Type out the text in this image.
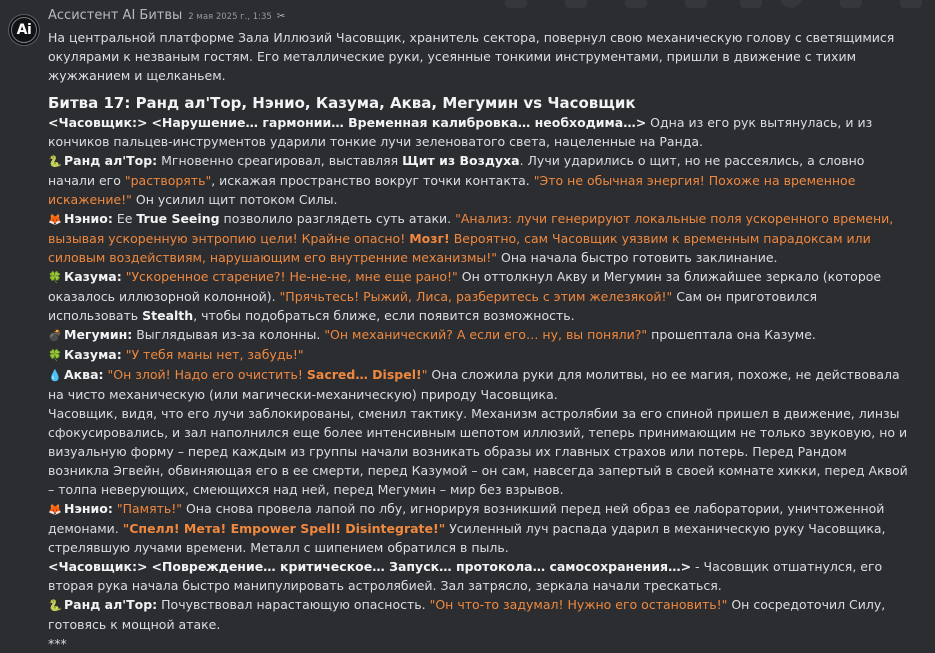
Ai
Ассистент AI Битвы 2 мая 2025 г., 1:35 ✂

На центральной платформе Зала Иллюзий Часовщик, хранитель сектора, повернул свою механическую голову с светящимися окулярами к незваным гостям. Его металлические руки, усеянные тонкими инструментами, пришли в движение с тихим жужжанием и щелканьем.

Битва 17: Ранд ал'Тор, Нэнио, Казума, Аква, Мегумин vs Часовщик

<Часовщик:> <Нарушение… гармонии… Временная калибровка… необходима…> Одна из его рук вытянулась, и из кончиков пальцев-инструментов ударили тонкие лучи зеленоватого света, нацеленные на Ранда.

🐍 Ранд ал'Тор: Мгновенно среагировал, выставляя Щит из Воздуха. Лучи ударились о щит, но не рассеялись, а словно начали его "растворять", искажая пространство вокруг точки контакта. "Это не обычная энергия! Похоже на временное искажение!" Он усилил щит потоком Силы.

🦊 Нэнио: Ее True Seeing позволило разглядеть суть атаки. "Анализ: лучи генерируют локальные поля ускоренного времени, вызывая ускоренную энтропию цели! Крайне опасно! Мозг! Вероятно, сам Часовщик уязвим к временным парадоксам или силовым воздействиям, нарушающим его внутренние механизмы!" Она начала быстро готовить заклинание.

🍀 Казума: "Ускоренное старение?! Не-не-не, мне еще рано!" Он оттолкнул Акву и Мегумин за ближайшее зеркало (которое оказалось иллюзорной колонной). "Прячьтесь! Рыжий, Лиса, разберитесь с этим железякой!" Сам он приготовился использовать Stealth, чтобы подобраться ближе, если появится возможность.

💣 Мегумин: Выглядывая из-за колонны. "Он механический? А если его… ну, вы поняли?" прошептала она Казуме.

🍀 Казума: "У тебя маны нет, забудь!"

💧 Аква: "Он злой! Надо его очистить! Sacred… Dispel!" Она сложила руки для молитвы, но ее магия, похоже, не действовала на чисто механическую (или магически-механическую) природу Часовщика.

Часовщик, видя, что его лучи заблокированы, сменил тактику. Механизм астролябии за его спиной пришел в движение, линзы сфокусировались, и зал наполнился еще более интенсивным шепотом иллюзий, теперь принимающим не только звуковую, но и визуальную форму – перед каждым из группы начали возникать образы их главных страхов или потерь. Перед Рандом возникла Эгвейн, обвиняющая его в ее смерти, перед Казумой – он сам, навсегда запертый в своей комнате хикки, перед Аквой – толпа неверующих, смеющихся над ней, перед Мегумин – мир без взрывов.

🦊 Нэнио: "Память!" Она снова провела лапой по лбу, игнорируя возникший перед ней образ ее лаборатории, уничтоженной демонами. "Спелл! Мета! Empower Spell! Disintegrate!" Усиленный луч распада ударил в механическую руку Часовщика, стрелявшую лучами времени. Металл с шипением обратился в пыль.

<Часовщик:> <Повреждение… критическое… Запуск… протокола… самосохранения…> - Часовщик отшатнулся, его вторая рука начала быстро манипулировать астролябией. Зал затрясло, зеркала начали трескаться.

🐍 Ранд ал'Тор: Почувствовал нарастающую опасность. "Он что-то задумал! Нужно его остановить!" Он сосредоточил Силу, готовясь к мощной атаке.

***
